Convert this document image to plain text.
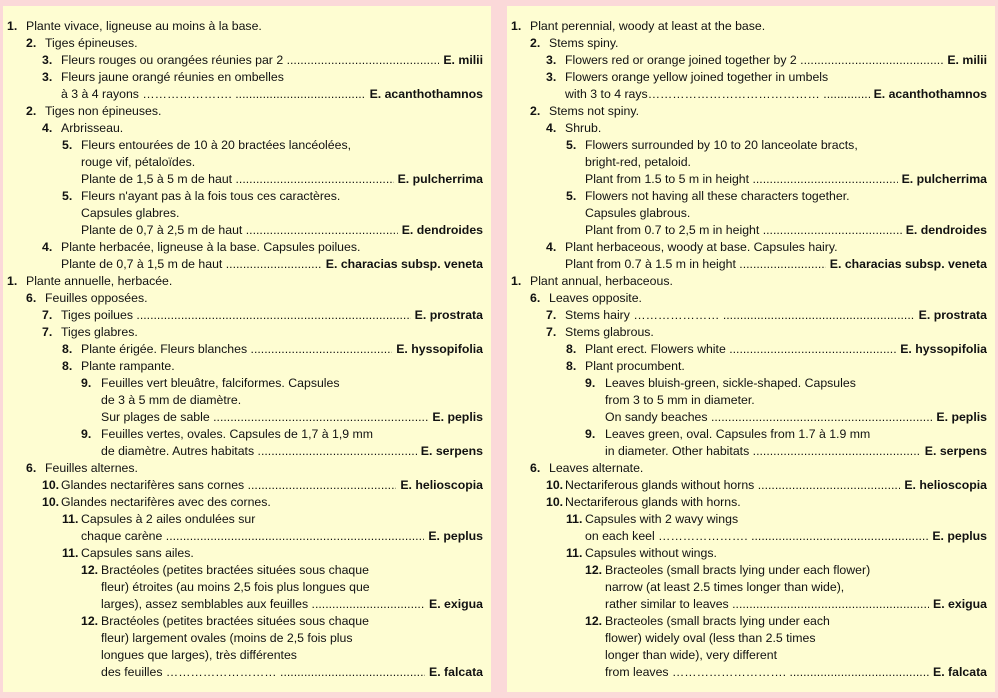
1. Plante vivace, ligneuse au moins à la base.
2. Tiges épineuses.
3. Fleurs rouges ou orangées réunies par 2 .....	E. milii
3. Fleurs jaune orangé réunies en ombelles
à 3 à 4 rayons …………………. .....	E. acanthothamnos
2. Tiges non épineuses.
4. Arbrisseau.
5. Fleurs entourées de 10 à 20 bractées lancéolées,
rouge vif, pétaloïdes.
Plante de 1,5 à 5 m de haut .....	E. pulcherrima
5. Fleurs n'ayant pas à la fois tous ces caractères.
Capsules glabres.
Plante de 0,7 à 2,5 m de haut .....	E. dendroides
4. Plante herbacée, ligneuse à la base. Capsules poilues.
Plante de 0,7 à 1,5 m de haut .....	E. characias subsp. veneta
1. Plante annuelle, herbacée.
6. Feuilles opposées.
7. Tiges poilues .....	E. prostrata
7. Tiges glabres.
8. Plante érigée. Fleurs blanches .....	E. hyssopifolia
8. Plante rampante.
9. Feuilles vert bleuâtre, falciformes. Capsules
de 3 à 5 mm de diamètre.
Sur plages de sable .....	E. peplis
9. Feuilles vertes, ovales. Capsules de 1,7 à 1,9 mm
de diamètre. Autres habitats .....	E. serpens
6. Feuilles alternes.
10. Glandes nectarifères sans cornes .....	E. helioscopia
10. Glandes nectarifères avec des cornes.
11. Capsules à 2 ailes ondulées sur
chaque carène .....	E. peplus
11. Capsules sans ailes.
12. Bractéoles (petites bractées situées sous chaque
fleur) étroites (au moins 2,5 fois plus longues que
larges), assez semblables aux feuilles .....	E. exigua
12. Bractéoles (petites bractées situées sous chaque
fleur) largement ovales (moins de 2,5 fois plus
longues que larges), très différentes
des feuilles ……………………… .....	E. falcata
1. Plant perennial, woody at least at the base.
2. Stems spiny.
3. Flowers red or orange joined together by 2 .....	E. milii
3. Flowers orange yellow joined together in umbels
with 3 to 4 rays…………………………………… .....	E. acanthothamnos
2. Stems not spiny.
4. Shrub.
5. Flowers surrounded by 10 to 20 lanceolate bracts,
bright-red, petaloid.
Plant from 1.5 to 5 m in height .....	E. pulcherrima
5. Flowers not having all these characters together.
Capsules glabrous.
Plant from 0.7 to 2,5 m in height .....	E. dendroides
4. Plant herbaceous, woody at base. Capsules hairy.
Plant from 0.7 à 1.5 m in height .....	E. characias subsp. veneta
1. Plant annual, herbaceous.
6. Leaves opposite.
7. Stems hairy ………………… .....	E. prostrata
7. Stems glabrous.
8. Plant erect. Flowers white .....	E. hyssopifolia
8. Plant procumbent.
9. Leaves bluish-green, sickle-shaped. Capsules
from 3 to 5 mm in diameter.
On sandy beaches .....	E. peplis
9. Leaves green, oval. Capsules from 1.7 à 1.9 mm
in diameter. Other habitats .....	E. serpens
6. Leaves alternate.
10. Nectariferous glands without horns .....	E. helioscopia
10. Nectariferous glands with horns.
11. Capsules with 2 wavy wings
on each keel …………………. .....	E. peplus
11. Capsules without wings.
12. Bracteoles (small bracts lying under each flower)
narrow (at least 2.5 times longer than wide),
rather similar to leaves .....	E. exigua
12. Bracteoles (small bracts lying under each
flower) widely oval (less than 2.5 times
longer than wide), very different
from leaves ………………………. .....	E. falcata
